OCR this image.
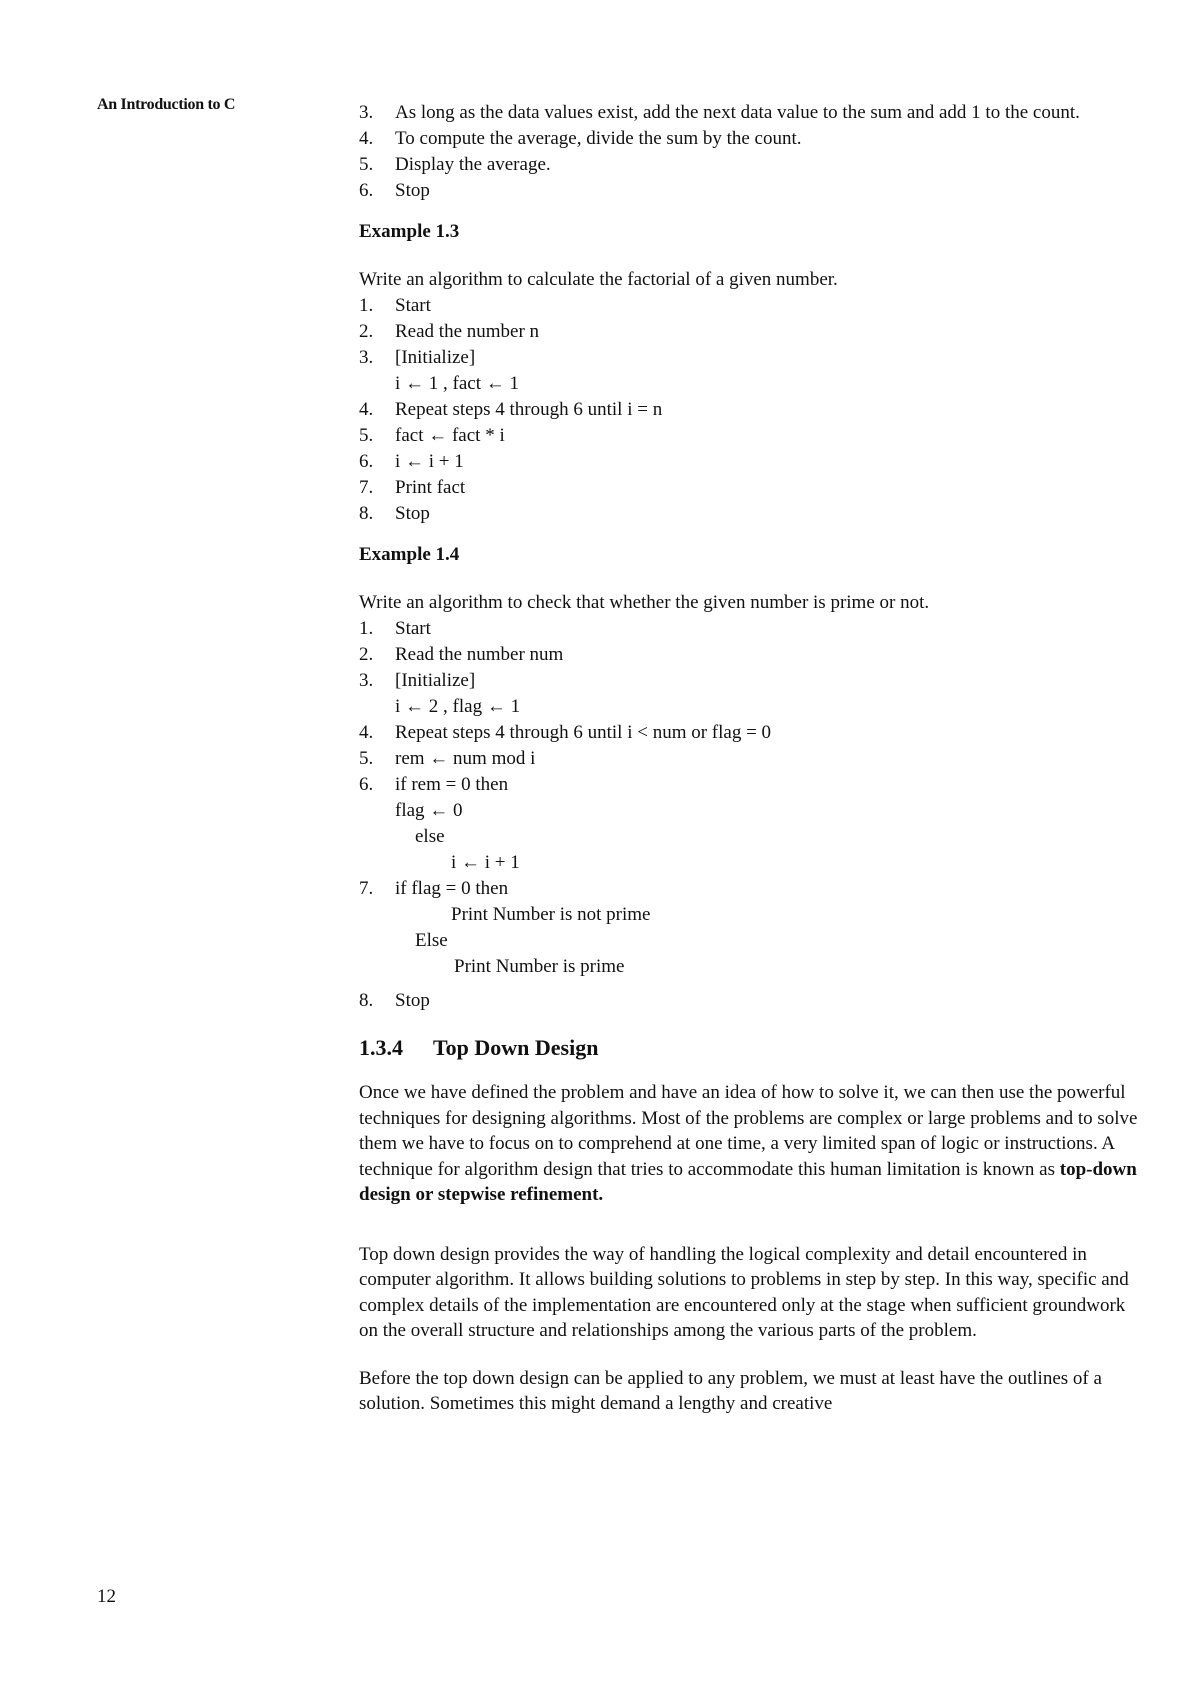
An Introduction to C	3. As long as the data values exist, add the next data value to the sum and add 1 to the count.
4. To compute the average, divide the sum by the count.
5. Display the average.
6. Stop
Example 1.3
Write an algorithm to calculate the factorial of a given number.
1. Start
2. Read the number n
3. [Initialize]
i ← 1 , fact ← 1
4. Repeat steps 4 through 6 until i = n
5. fact ← fact * i
6. i ← i + 1
7. Print fact
8. Stop
Example 1.4
Write an algorithm to check that whether the given number is prime or not.
1. Start
2. Read the number num
3. [Initialize]
i ← 2 , flag ← 1
4. Repeat steps 4 through 6 until i < num or flag = 0
5. rem ← num mod i
6. if rem = 0 then
flag ← 0
else
i ← i + 1
7. if flag = 0 then
Print Number is not prime
Else
Print Number is prime
8. Stop
1.3.4 Top Down Design

Once we have defined the problem and have an idea of how to solve it, we can then use the powerful techniques for designing algorithms. Most of the problems are complex or large problems and to solve them we have to focus on to comprehend at one time, a very limited span of logic or instructions. A technique for algorithm design that tries to accommodate this human limitation is known as top-down design or stepwise refinement.

Top down design provides the way of handling the logical complexity and detail encountered in computer algorithm. It allows building solutions to problems in step by step. In this way, specific and complex details of the implementation are encountered only at the stage when sufficient groundwork on the overall structure and relationships among the various parts of the problem.

Before the top down design can be applied to any problem, we must at least have the outlines of a solution. Sometimes this might demand a lengthy and creative

12
